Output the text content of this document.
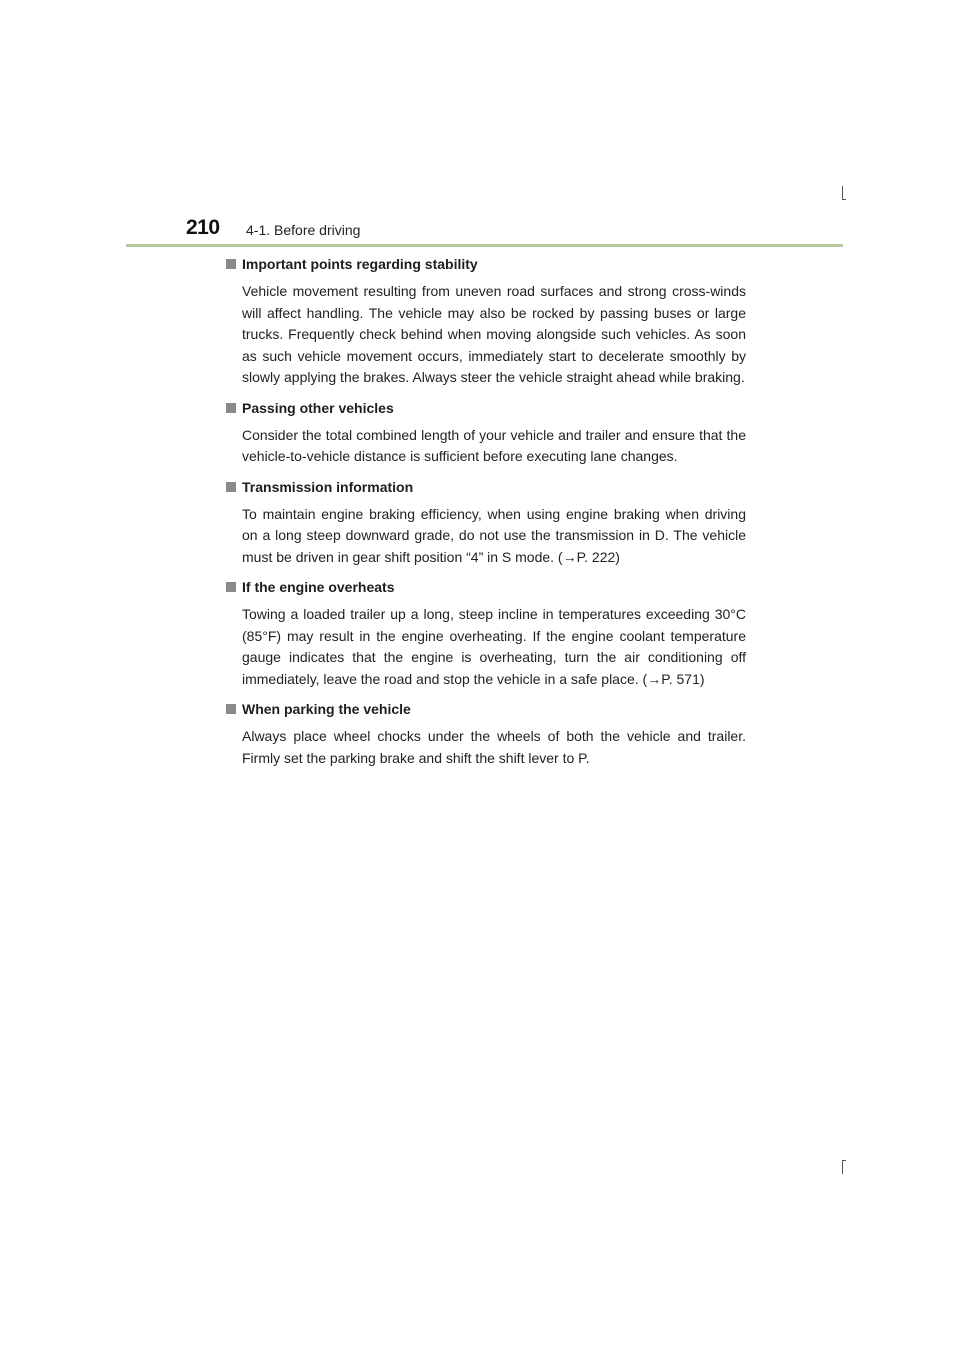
210 4-1. Before driving
Important points regarding stability

Vehicle movement resulting from uneven road surfaces and strong cross-winds will affect handling. The vehicle may also be rocked by passing buses or large trucks. Frequently check behind when moving alongside such vehicles. As soon as such vehicle movement occurs, immediately start to decelerate smoothly by slowly applying the brakes. Always steer the vehicle straight ahead while braking.

Passing other vehicles

Consider the total combined length of your vehicle and trailer and ensure that the vehicle-to-vehicle distance is sufficient before executing lane changes.

Transmission information

To maintain engine braking efficiency, when using engine braking when driving on a long steep downward grade, do not use the transmission in D. The vehicle must be driven in gear shift position “4” in S mode. (→P. 222)

If the engine overheats

Towing a loaded trailer up a long, steep incline in temperatures exceeding 30°C (85°F) may result in the engine overheating. If the engine coolant temperature gauge indicates that the engine is overheating, turn the air conditioning off immediately, leave the road and stop the vehicle in a safe place. (→P. 571)

When parking the vehicle

Always place wheel chocks under the wheels of both the vehicle and trailer. Firmly set the parking brake and shift the shift lever to P.
